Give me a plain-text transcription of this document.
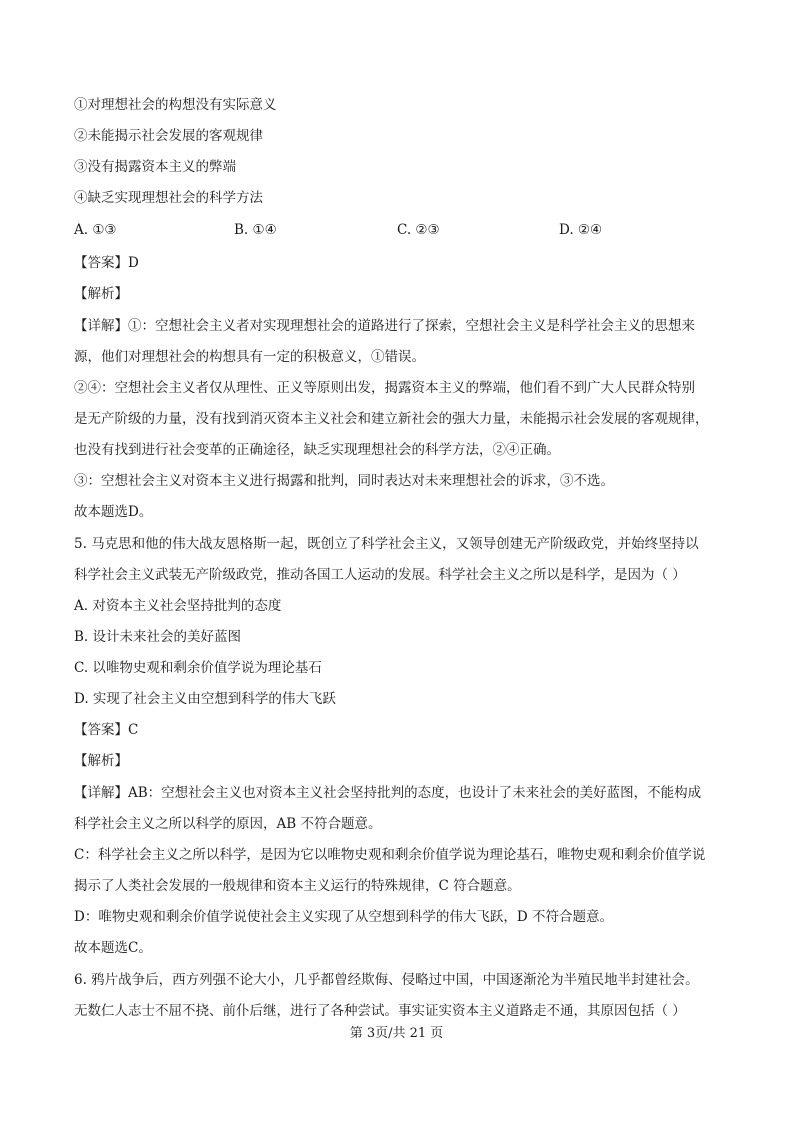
①对理想社会的构想没有实际意义
②未能揭示社会发展的客观规律
③没有揭露资本主义的弊端
④缺乏实现理想社会的科学方法
A. ①③	B. ①④	C. ②③	D. ②④
【答案】D
【解析】
【详解】①：空想社会主义者对实现理想社会的道路进行了探索，空想社会主义是科学社会主义的思想来
源，他们对理想社会的构想具有一定的积极意义，①错误。
②④：空想社会主义者仅从理性、正义等原则出发，揭露资本主义的弊端，他们看不到广大人民群众特别
是无产阶级的力量，没有找到消灭资本主义社会和建立新社会的强大力量，未能揭示社会发展的客观规律，
也没有找到进行社会变革的正确途径，缺乏实现理想社会的科学方法，②④正确。
③：空想社会主义对资本主义进行揭露和批判，同时表达对未来理想社会的诉求，③不选。
故本题选D。
5. 马克思和他的伟大战友恩格斯一起，既创立了科学社会主义，又领导创建无产阶级政党，并始终坚持以
科学社会主义武装无产阶级政党，推动各国工人运动的发展。科学社会主义之所以是科学，是因为（ ）
A. 对资本主义社会坚持批判的态度
B. 设计未来社会的美好蓝图
C. 以唯物史观和剩余价值学说为理论基石
D. 实现了社会主义由空想到科学的伟大飞跃
【答案】C
【解析】
【详解】AB：空想社会主义也对资本主义社会坚持批判的态度，也设计了未来社会的美好蓝图，不能构成
科学社会主义之所以科学的原因，AB 不符合题意。
C：科学社会主义之所以科学，是因为它以唯物史观和剩余价值学说为理论基石，唯物史观和剩余价值学说
揭示了人类社会发展的一般规律和资本主义运行的特殊规律，C 符合题意。
D：唯物史观和剩余价值学说使社会主义实现了从空想到科学的伟大飞跃，D 不符合题意。
故本题选C。
6. 鸦片战争后，西方列强不论大小，几乎都曾经欺侮、侵略过中国，中国逐渐沦为半殖民地半封建社会。
无数仁人志士不屈不挠、前仆后继，进行了各种尝试。事实证实资本主义道路走不通，其原因包括（ ）
第 3页/共 21 页
